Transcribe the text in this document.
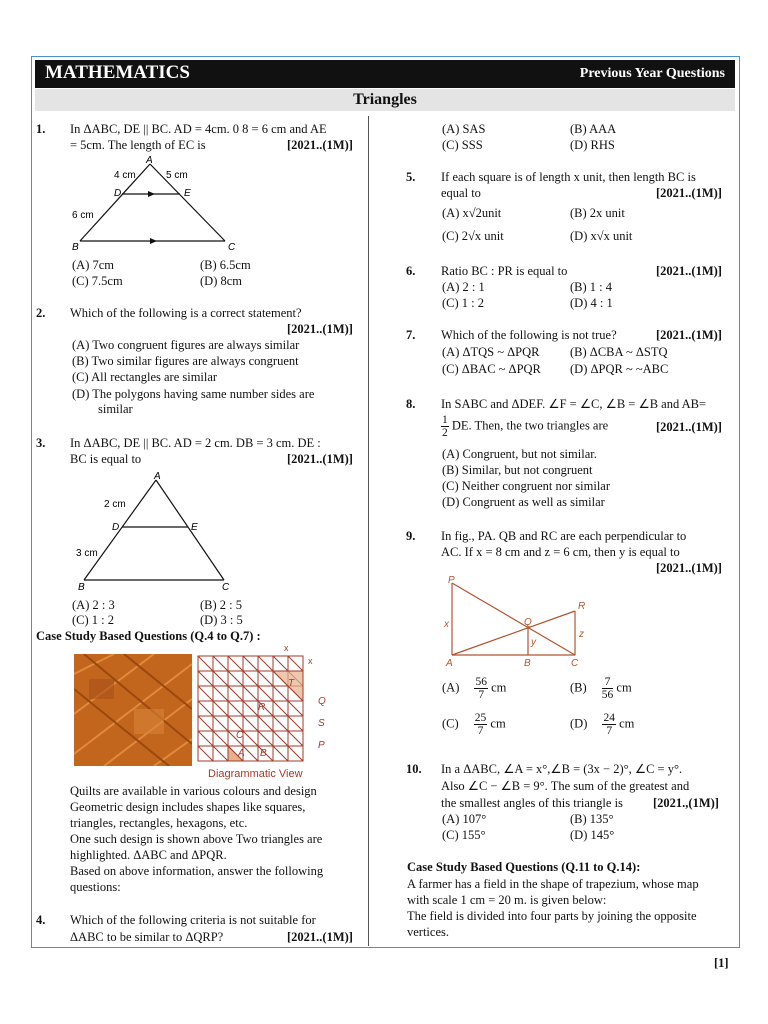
MATHEMATICS	Previous Year Questions
Triangles
1. In ΔABC, DE || BC. AD = 4cm. 0 8 = 6 cm and AE
= 5cm. The length of EC is	[2021..(1M)]
A
D	E
B	C
4 cm	5 cm
6 cm
(A) 7cm	(B) 6.5cm
(C) 7.5cm	(D) 8cm
2. Which of the following is a correct statement?
[2021..(1M)]
(A) Two congruent figures are always similar
(B) Two similar figures are always congruent
(C) All rectangles are similar
(D) The polygons having same number sides are
similar
3. In ΔABC, DE || BC. AD = 2 cm. DB = 3 cm. DE :
BC is equal to	[2021..(1M)]
A
D	E
B	C
2 cm
3 cm
(A) 2 : 3	(B) 2 : 5
(C) 1 : 2	(D) 3 : 5
Case Study Based Questions (Q.4 to Q.7) :
x
x
T
R
Q
S
C
P
A B
Diagrammatic View
Quilts are available in various colours and design
Geometric design includes shapes like squares,
triangles, rectangles, hexagons, etc.
One such design is shown above Two triangles are
highlighted. ΔABC and ΔPQR.
Based on above information, answer the following
questions:
4. Which of the following criteria is not suitable for
ΔABC to be similar to ΔQRP?	[2021..(1M)]
(A) SAS	(B) AAA
(C) SSS	(D) RHS
5. If each square is of length x unit, then length BC is
equal to	[2021..(1M)]
(A) x√2unit	(B) 2x unit
(C) 2√x unit	(D) x√x unit
6. Ratio BC : PR is equal to	[2021..(1M)]
(A) 2 : 1	(B) 1 : 4
(C) 1 : 2	(D) 4 : 1
7. Which of the following is not true?	[2021..(1M)]
(A) ΔTQS ~ ΔPQR (B) ΔCBA ~ ΔSTQ
(C) ΔBAC ~ ΔPQR (D) ΔPQR ~ ~ABC
8. In SABC and ΔDEF. ∠F = ∠C, ∠B = ∠B and AB=
$\frac{1}{2}$ DE. Then, the two triangles are	[2021..(1M)]
(A) Congruent, but not similar.
(B) Similar, but not congruent
(C) Neither congruent nor similar
(D) Congruent as well as similar
9. In fig., PA. QB and RC are each perpendicular to
AC. If x = 8 cm and z = 6 cm, then y is equal to
[2021..(1M)]
P
R
Q
A	B	C
x
y
z
$(A) \frac{56}{7}$ cm	$(B) \frac{7}{56}$ cm
$(C) \frac{25}{7}$ cm	$(D) \frac{24}{7}$ cm
10. In a ΔABC, ∠A = x°,∠B = (3x − 2)°, ∠C = y°.
Also ∠C − ∠B = 9°. The sum of the greatest and
the smallest angles of this triangle is [2021.,(1M)]
(A) 107°	(B) 135°
(C) 155°	(D) 145°
Case Study Based Questions (Q.11 to Q.14):
A farmer has a field in the shape of trapezium, whose map
with scale 1 cm = 20 m. is given below:
The field is divided into four parts by joining the opposite
vertices.
[1]
